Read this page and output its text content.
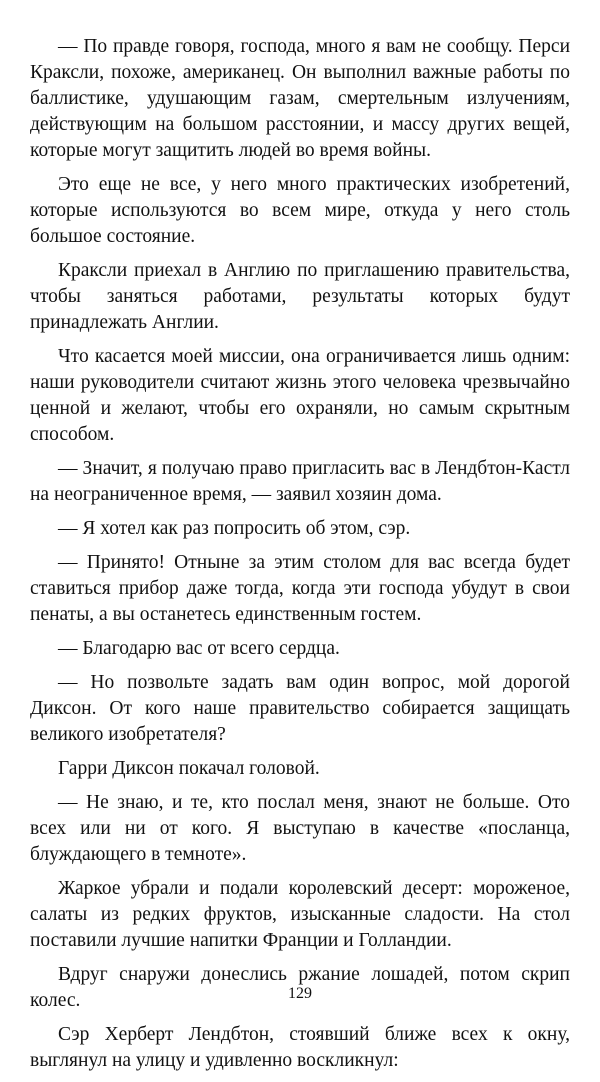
— По правде говоря, господа, много я вам не сообщу. Перси Краксли, похоже, американец. Он выполнил важные работы по баллистике, удушающим газам, смертельным излучениям, действующим на большом расстоянии, и массу других вещей, которые могут защитить людей во время войны.

Это еще не все, у него много практических изобретений, которые используются во всем мире, откуда у него столь большое состояние.

Краксли приехал в Англию по приглашению правительства, чтобы заняться работами, результаты которых будут принадлежать Англии.

Что касается моей миссии, она ограничивается лишь одним: наши руководители считают жизнь этого человека чрезвычайно ценной и желают, чтобы его охраняли, но самым скрытным способом.

— Значит, я получаю право пригласить вас в Лендбтон-Кастл на неограниченное время, — заявил хозяин дома.

— Я хотел как раз попросить об этом, сэр.

— Принято! Отныне за этим столом для вас всегда будет ставиться прибор даже тогда, когда эти господа убудут в свои пенаты, а вы останетесь единственным гостем.

— Благодарю вас от всего сердца.

— Но позвольте задать вам один вопрос, мой дорогой Диксон. От кого наше правительство собирается защищать великого изобретателя?

Гарри Диксон покачал головой.

— Не знаю, и те, кто послал меня, знают не больше. Ото всех или ни от кого. Я выступаю в качестве «посланца, блуждающего в темноте».

Жаркое убрали и подали королевский десерт: мороженое, салаты из редких фруктов, изысканные сладости. На стол поставили лучшие напитки Франции и Голландии.

Вдруг снаружи донеслись ржание лошадей, потом скрип колес.

Сэр Херберт Лендбтон, стоявший ближе всех к окну, выглянул на улицу и удивленно воскликнул:

129
